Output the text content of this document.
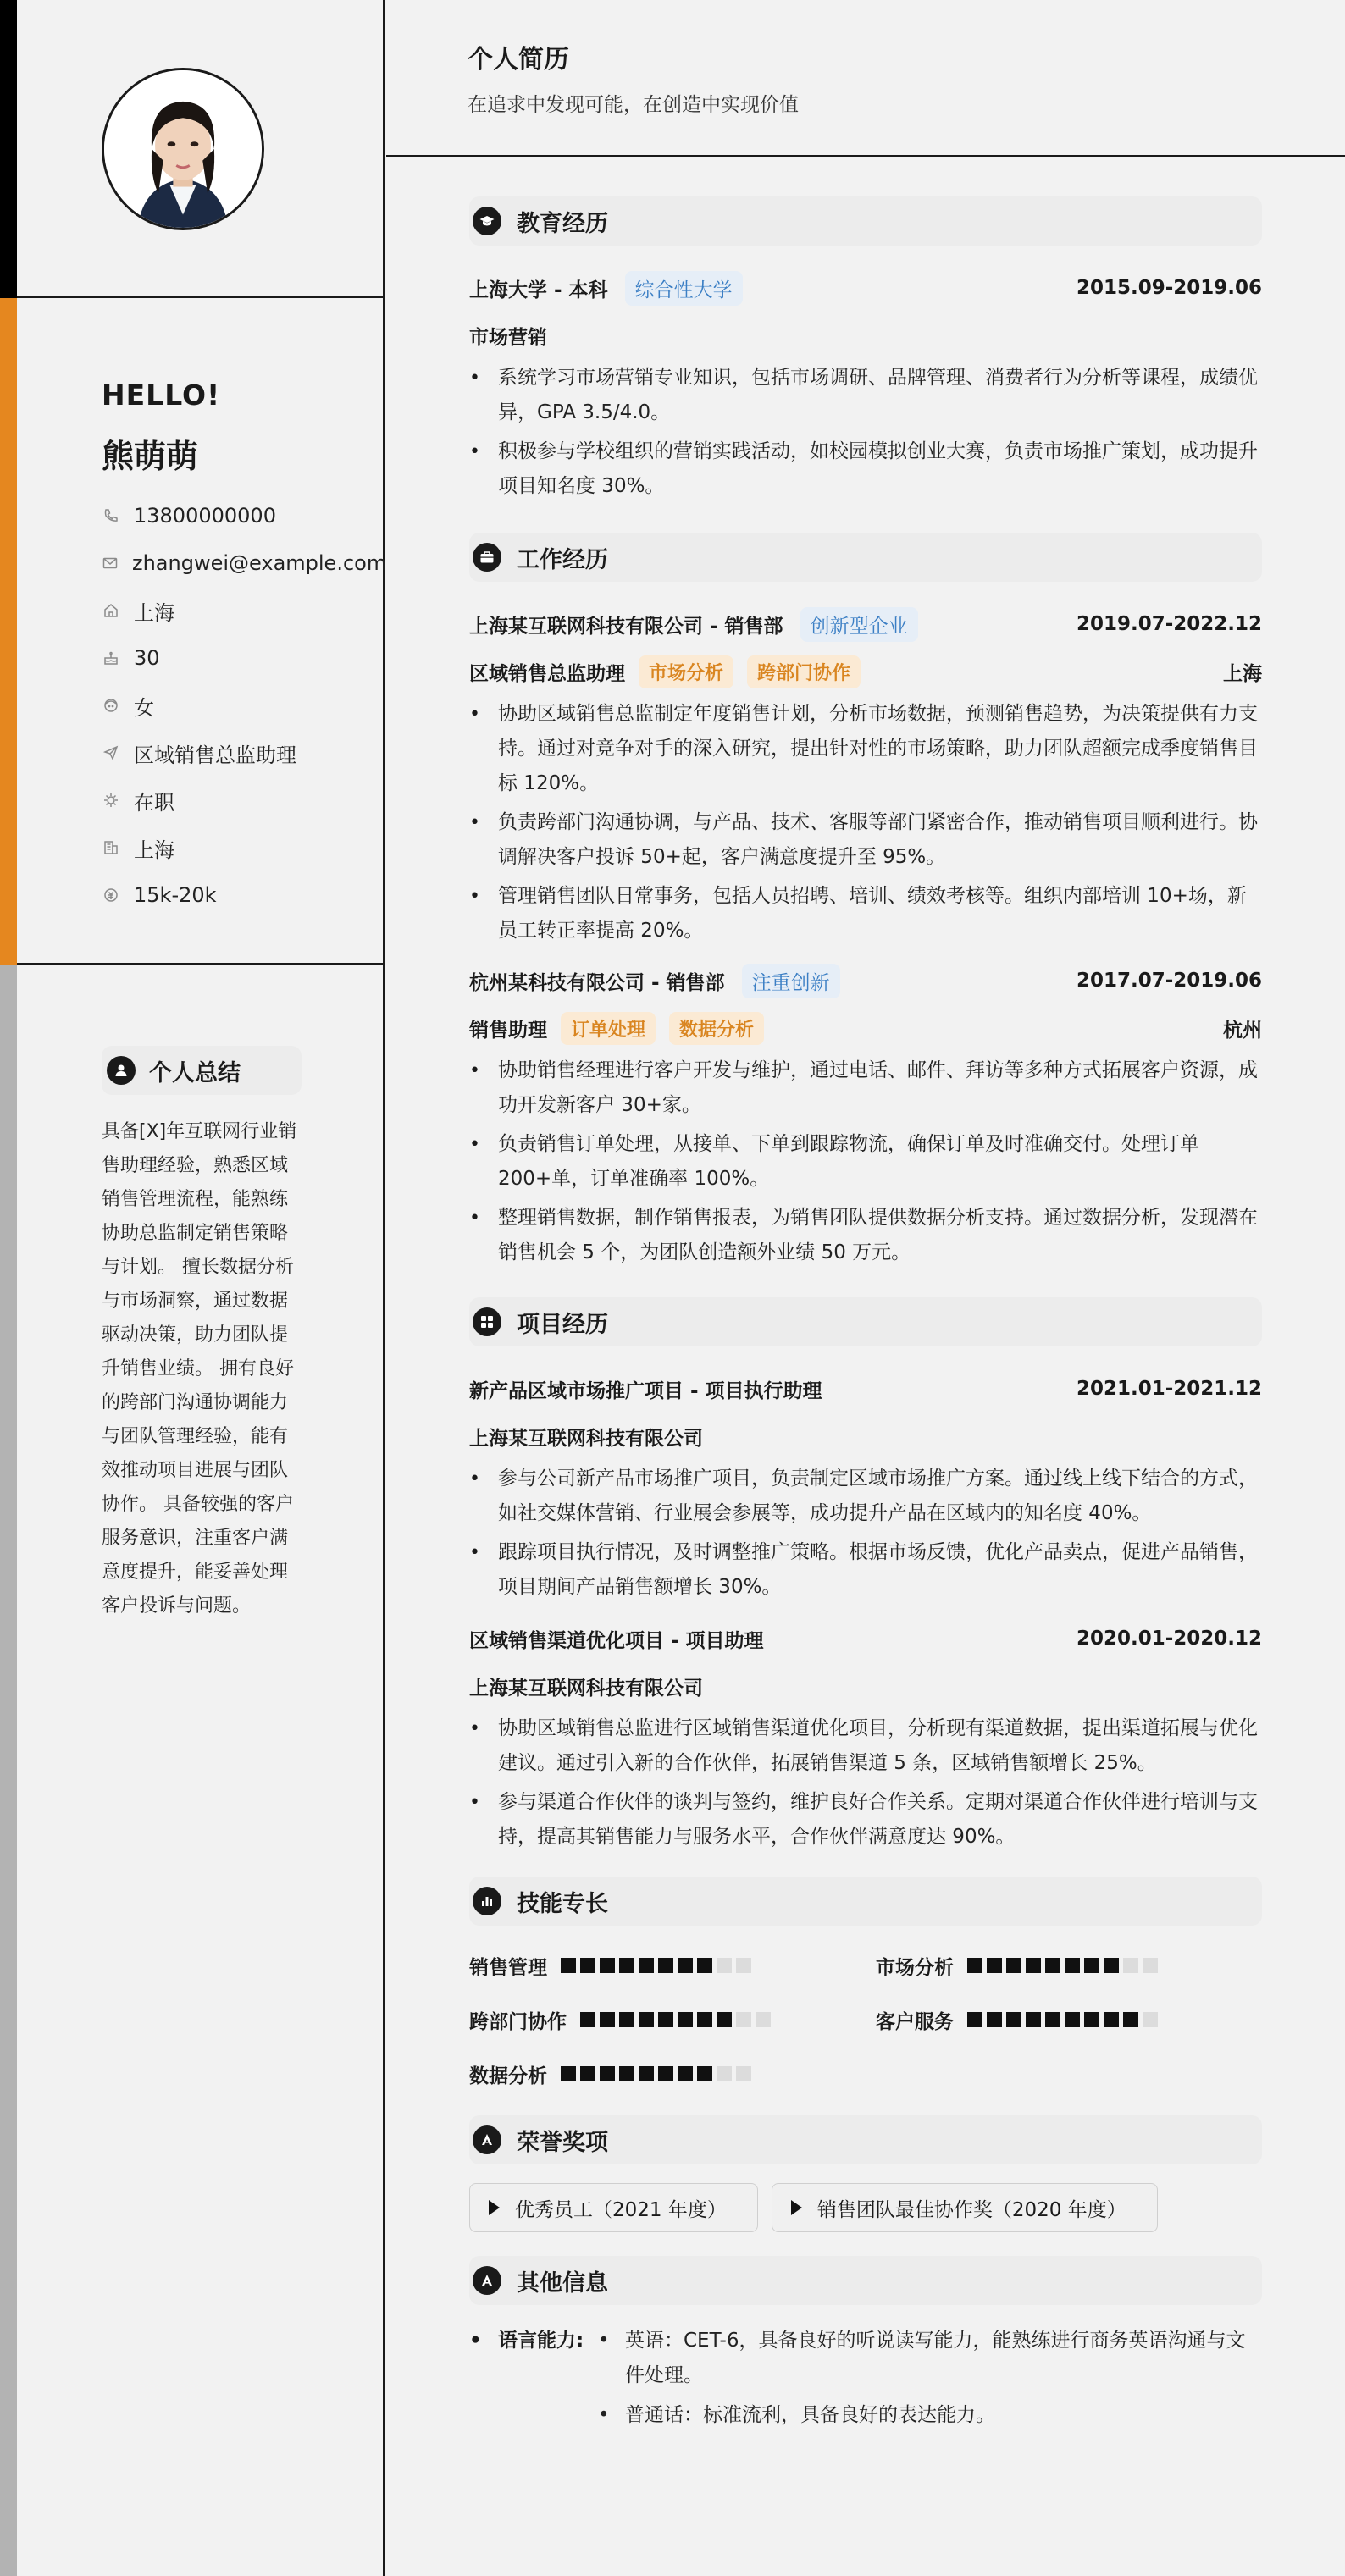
HELLO!
熊萌萌
13800000000
zhangwei@example.com
上海
30
女
区域销售总监助理
在职
上海
15k-20k
个人总结
具备[X]年互联网行业销售助理经验，熟悉区域销售管理流程，能熟练协助总监制定销售策略与计划。 擅长数据分析与市场洞察，通过数据驱动决策，助力团队提升销售业绩。 拥有良好的跨部门沟通协调能力与团队管理经验，能有效推动项目进展与团队协作。 具备较强的客户服务意识，注重客户满意度提升，能妥善处理客户投诉与问题。
个人简历
在追求中发现可能，在创造中实现价值
教育经历
上海大学 - 本科	综合性大学	2015.09-2019.06
市场营销
• 系统学习市场营销专业知识，包括市场调研、品牌管理、消费者行为分析等课程，成绩优异，GPA 3.5/4.0。
• 积极参与学校组织的营销实践活动，如校园模拟创业大赛，负责市场推广策划，成功提升项目知名度 30%。
工作经历
上海某互联网科技有限公司 - 销售部	创新型企业	2019.07-2022.12
区域销售总监助理	市场分析	跨部门协作	上海
• 协助区域销售总监制定年度销售计划，分析市场数据，预测销售趋势，为决策提供有力支持。通过对竞争对手的深入研究，提出针对性的市场策略，助力团队超额完成季度销售目标 120%。
• 负责跨部门沟通协调，与产品、技术、客服等部门紧密合作，推动销售项目顺利进行。协调解决客户投诉 50+起，客户满意度提升至 95%。
• 管理销售团队日常事务，包括人员招聘、培训、绩效考核等。组织内部培训 10+场，新员工转正率提高 20%。
杭州某科技有限公司 - 销售部	注重创新	2017.07-2019.06
销售助理	订单处理	数据分析	杭州
• 协助销售经理进行客户开发与维护，通过电话、邮件、拜访等多种方式拓展客户资源，成功开发新客户 30+家。
• 负责销售订单处理，从接单、下单到跟踪物流，确保订单及时准确交付。处理订单 200+单，订单准确率 100%。
• 整理销售数据，制作销售报表，为销售团队提供数据分析支持。通过数据分析，发现潜在销售机会 5 个，为团队创造额外业绩 50 万元。
项目经历
新产品区域市场推广项目 - 项目执行助理	2021.01-2021.12
上海某互联网科技有限公司
• 参与公司新产品市场推广项目，负责制定区域市场推广方案。通过线上线下结合的方式，如社交媒体营销、行业展会参展等，成功提升产品在区域内的知名度 40%。
• 跟踪项目执行情况，及时调整推广策略。根据市场反馈，优化产品卖点，促进产品销售，项目期间产品销售额增长 30%。
区域销售渠道优化项目 - 项目助理	2020.01-2020.12
上海某互联网科技有限公司
• 协助区域销售总监进行区域销售渠道优化项目，分析现有渠道数据，提出渠道拓展与优化建议。通过引入新的合作伙伴，拓展销售渠道 5 条，区域销售额增长 25%。
• 参与渠道合作伙伴的谈判与签约，维护良好合作关系。定期对渠道合作伙伴进行培训与支持，提高其销售能力与服务水平，合作伙伴满意度达 90%。
技能专长
销售管理	市场分析
跨部门协作	客户服务
数据分析
荣誉奖项
优秀员工（2021 年度）	销售团队最佳协作奖（2020 年度）
其他信息
• 语言能力:
•	英语：CET-6，具备良好的听说读写能力，能熟练进行商务英语沟通与文件处理。
• 普通话：标准流利，具备良好的表达能力。
